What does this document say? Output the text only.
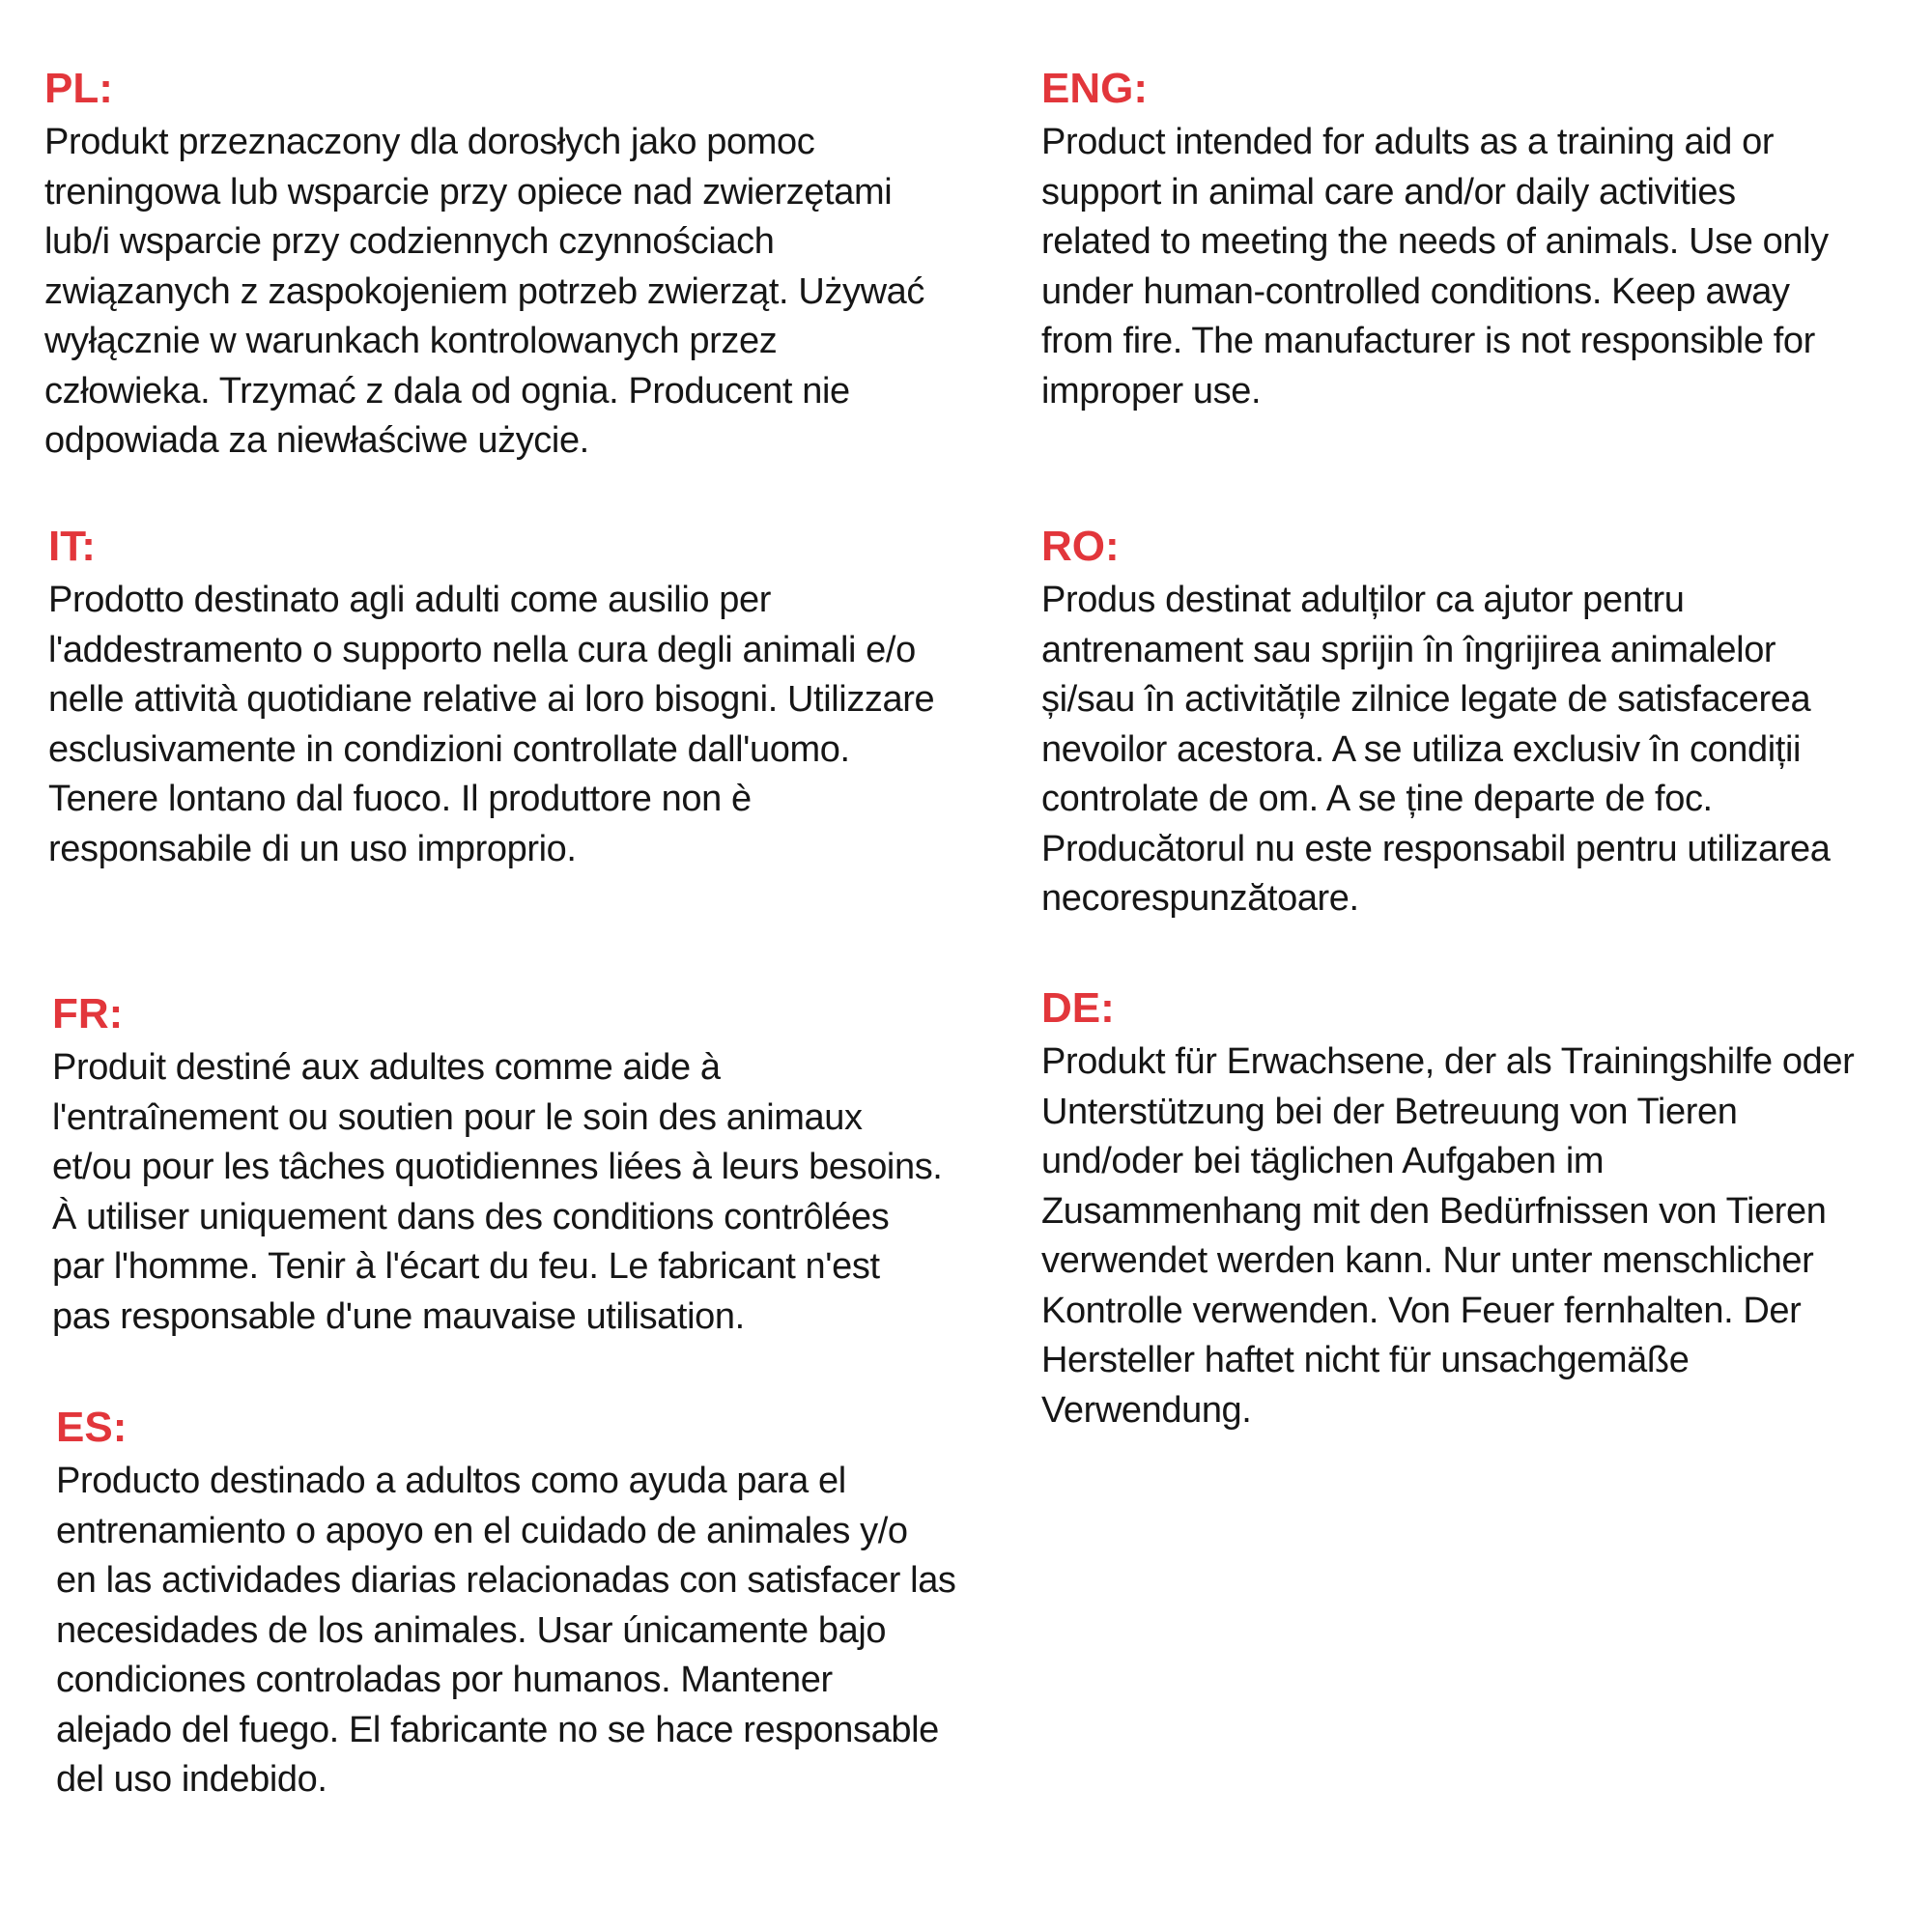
PL:
Produkt przeznaczony dla dorosłych jako pomoc
treningowa lub wsparcie przy opiece nad zwierzętami
lub/i wsparcie przy codziennych czynnościach
związanych z zaspokojeniem potrzeb zwierząt. Używać
wyłącznie w warunkach kontrolowanych przez
człowieka. Trzymać z dala od ognia. Producent nie
odpowiada za niewłaściwe użycie.
ENG:
Product intended for adults as a training aid or
support in animal care and/or daily activities
related to meeting the needs of animals. Use only
under human-controlled conditions. Keep away
from fire. The manufacturer is not responsible for
improper use.
IT:
Prodotto destinato agli adulti come ausilio per
l'addestramento o supporto nella cura degli animali e/o
nelle attività quotidiane relative ai loro bisogni. Utilizzare
esclusivamente in condizioni controllate dall'uomo.
Tenere lontano dal fuoco. Il produttore non è
responsabile di un uso improprio.
RO:
Produs destinat adulților ca ajutor pentru
antrenament sau sprijin în îngrijirea animalelor
și/sau în activitățile zilnice legate de satisfacerea
nevoilor acestora. A se utiliza exclusiv în condiții
controlate de om. A se ține departe de foc.
Producătorul nu este responsabil pentru utilizarea
necorespunzătoare.
FR:
Produit destiné aux adultes comme aide à
l'entraînement ou soutien pour le soin des animaux
et/ou pour les tâches quotidiennes liées à leurs besoins.
À utiliser uniquement dans des conditions contrôlées
par l'homme. Tenir à l'écart du feu. Le fabricant n'est
pas responsable d'une mauvaise utilisation.
DE:
Produkt für Erwachsene, der als Trainingshilfe oder
Unterstützung bei der Betreuung von Tieren
und/oder bei täglichen Aufgaben im
Zusammenhang mit den Bedürfnissen von Tieren
verwendet werden kann. Nur unter menschlicher
Kontrolle verwenden. Von Feuer fernhalten. Der
Hersteller haftet nicht für unsachgemäße
Verwendung.
ES:
Producto destinado a adultos como ayuda para el
entrenamiento o apoyo en el cuidado de animales y/o
en las actividades diarias relacionadas con satisfacer las
necesidades de los animales. Usar únicamente bajo
condiciones controladas por humanos. Mantener
alejado del fuego. El fabricante no se hace responsable
del uso indebido.
